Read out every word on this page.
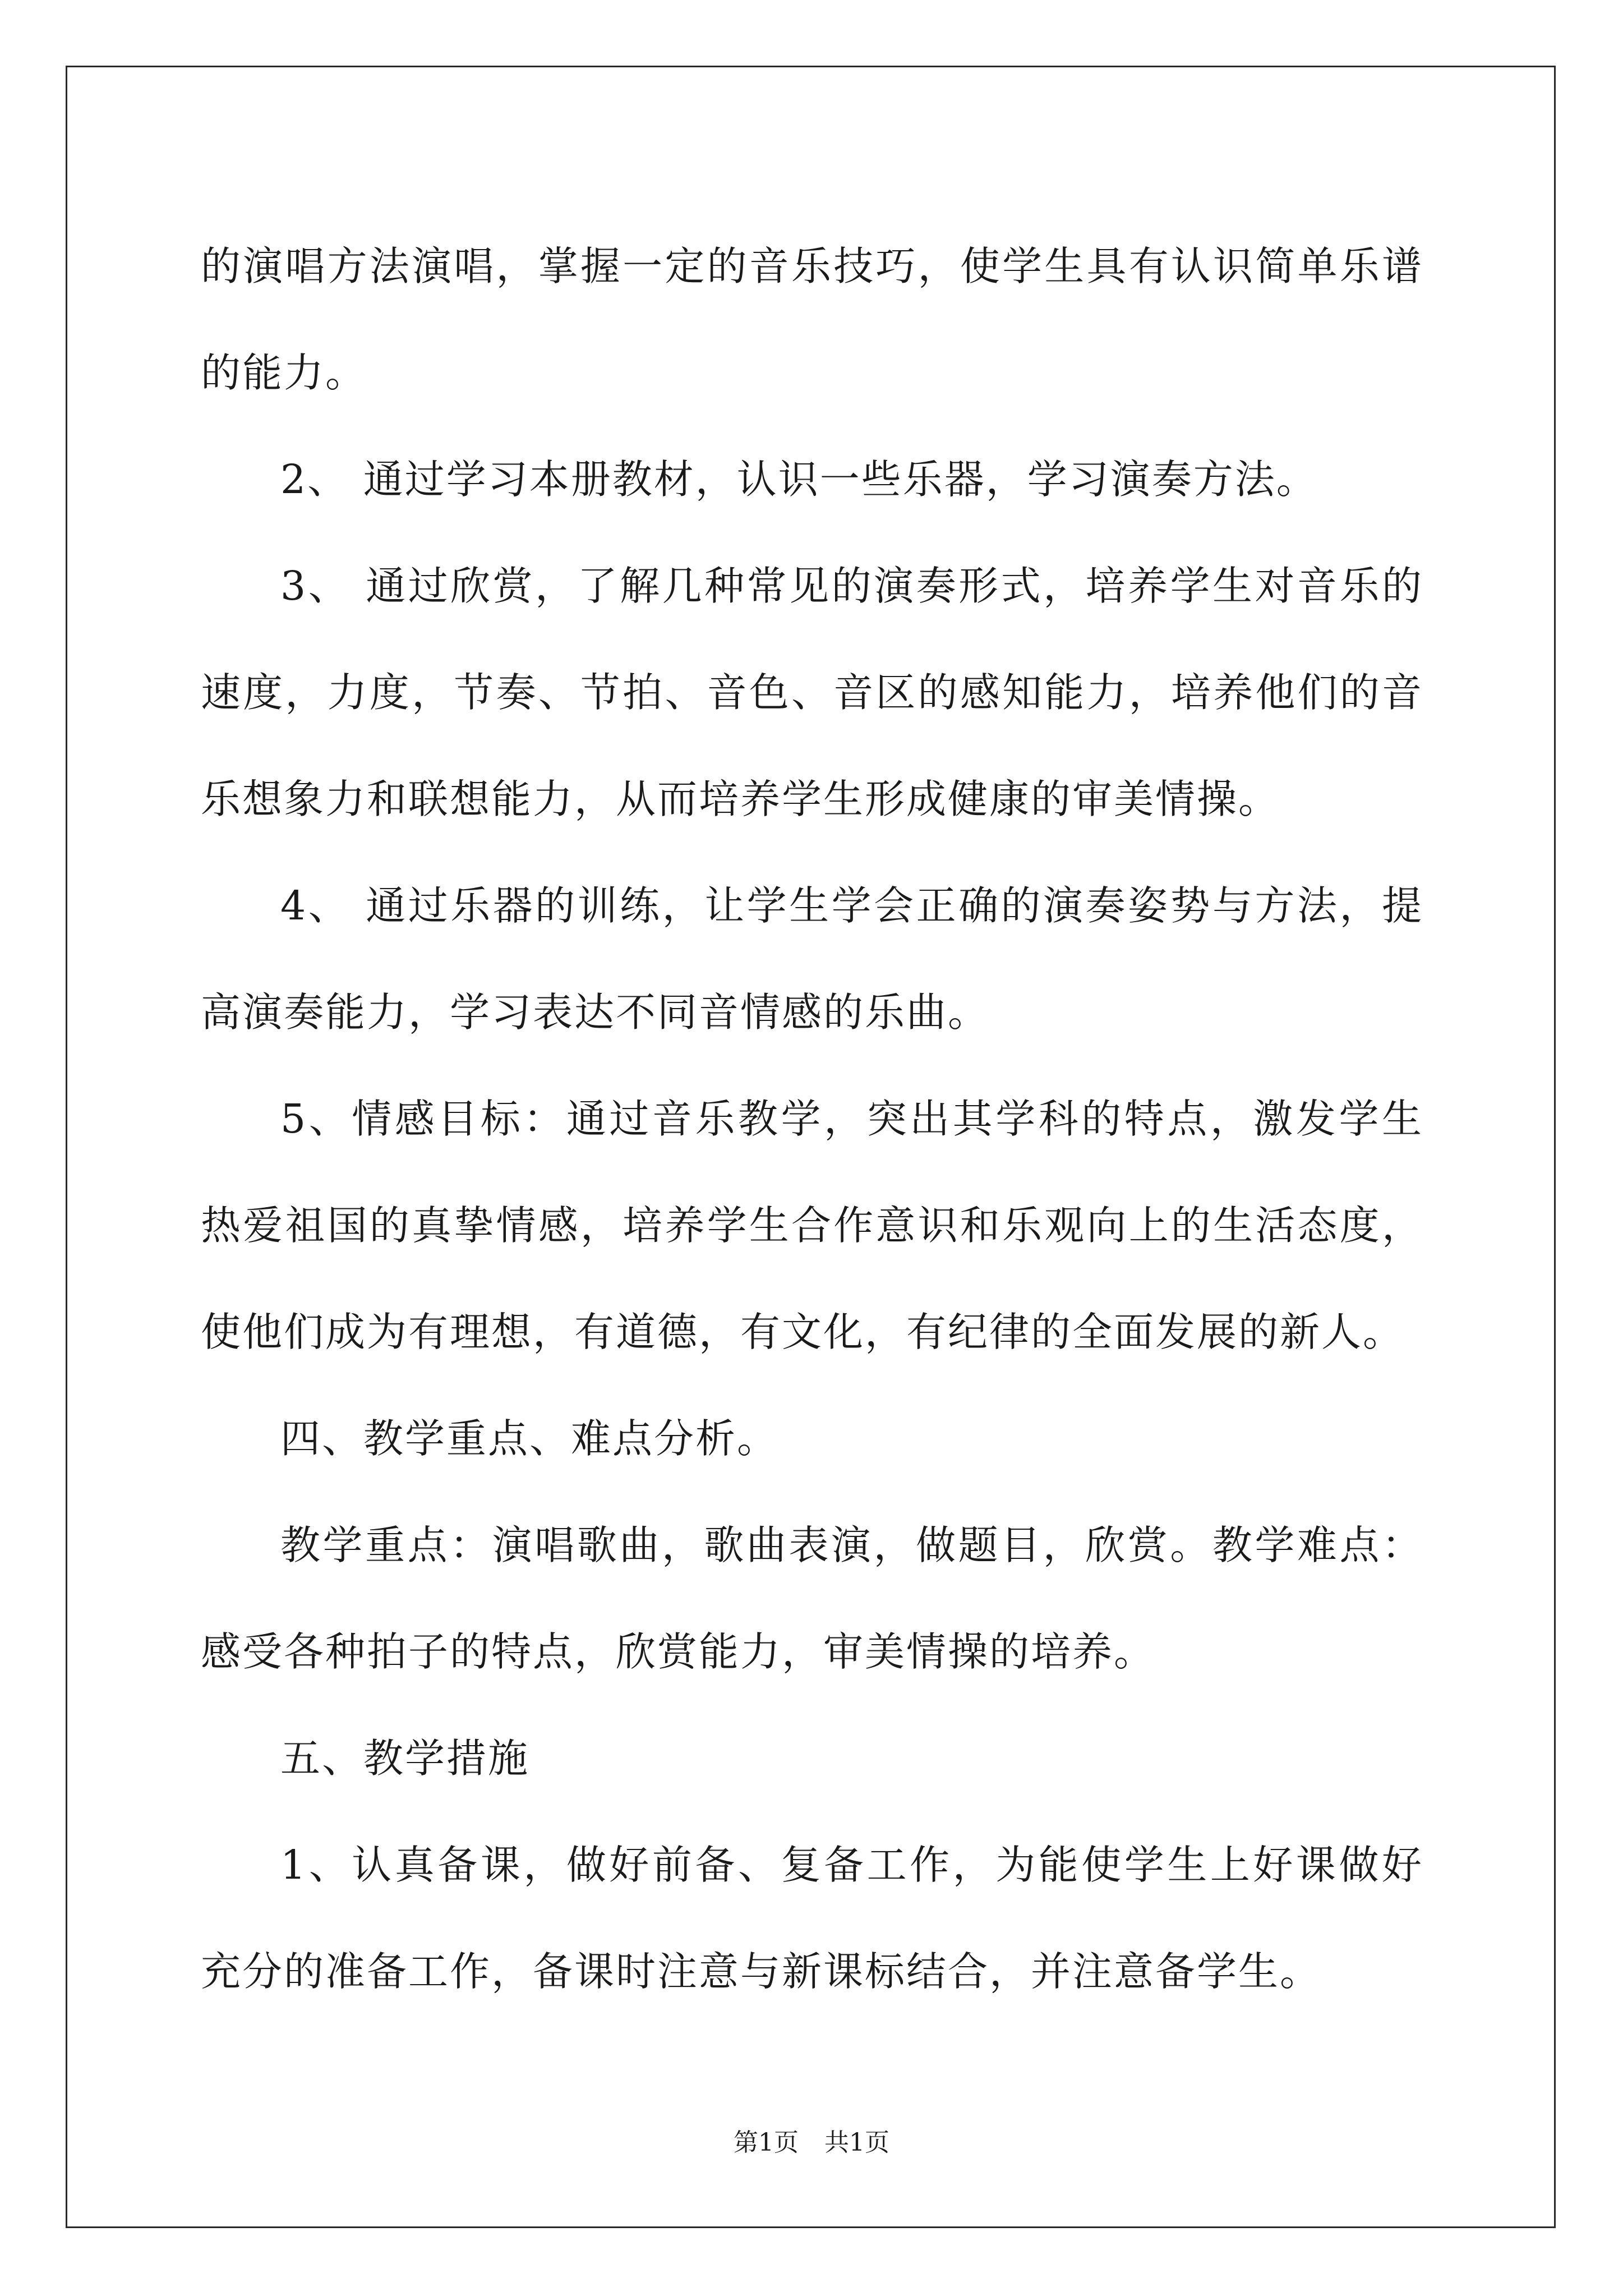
的演唱方法演唱，掌握一定的音乐技巧，使学生具有认识简单乐谱的能力。

2、 通过学习本册教材，认识一些乐器，学习演奏方法。

3、 通过欣赏，了解几种常见的演奏形式，培养学生对音乐的速度，力度，节奏、节拍、音色、音区的感知能力，培养他们的音乐想象力和联想能力，从而培养学生形成健康的审美情操。

4、 通过乐器的训练，让学生学会正确的演奏姿势与方法，提高演奏能力，学习表达不同音情感的乐曲。

5、情感目标：通过音乐教学，突出其学科的特点，激发学生热爱祖国的真挚情感，培养学生合作意识和乐观向上的生活态度，使他们成为有理想，有道德，有文化，有纪律的全面发展的新人。

四、教学重点、难点分析。

教学重点：演唱歌曲，歌曲表演，做题目，欣赏。教学难点：感受各种拍子的特点，欣赏能力，审美情操的培养。

五、教学措施

1、认真备课，做好前备、复备工作，为能使学生上好课做好充分的准备工作，备课时注意与新课标结合，并注意备学生。

第1页 共1页
